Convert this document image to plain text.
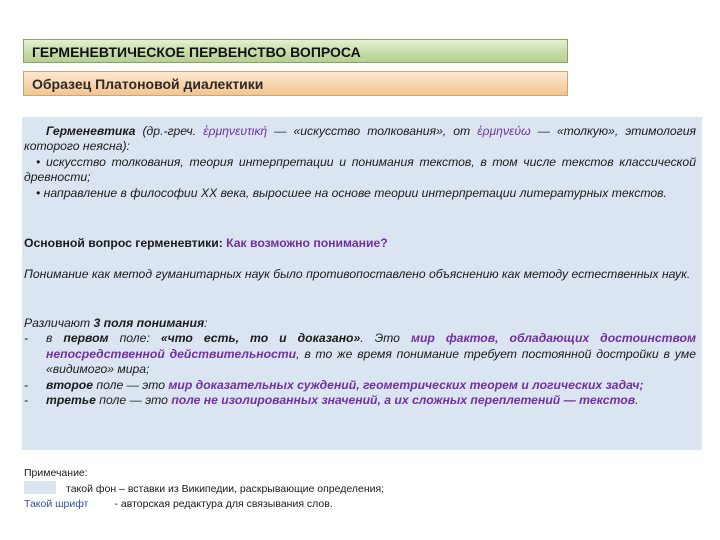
ГЕРМЕНЕВТИЧЕСКОЕ ПЕРВЕНСТВО ВОПРОСА
Образец Платоновой диалектики

Герменевтика (др.-греч. ἑρμηνευτική — «искусство толкования», от ἑρμηνεύω — «толкую», этимология которого неясна):
• искусство толкования, теория интерпретации и понимания текстов, в том числе текстов классической древности;
• направление в философии XX века, выросшее на основе теории интерпретации литературных текстов.

Основной вопрос герменевтики: Как возможно понимание?

Понимание как метод гуманитарных наук было противопоставлено объяснению как методу естественных наук.

Различают 3 поля понимания:
- в первом поле: «что есть, то и доказано». Это мир фактов, обладающих достоинством непосредственной действительности, в то же время понимание требует постоянной достройки в уме «видимого» мира;
- второе поле — это мир доказательных суждений, геометрических теорем и логических задач;
- третье поле — это поле не изолированных значений, а их сложных переплетений — текстов.
Примечание:
такой фон – вставки из Википедии, раскрывающие определения;
Такой шрифт - авторская редактура для связывания слов.
